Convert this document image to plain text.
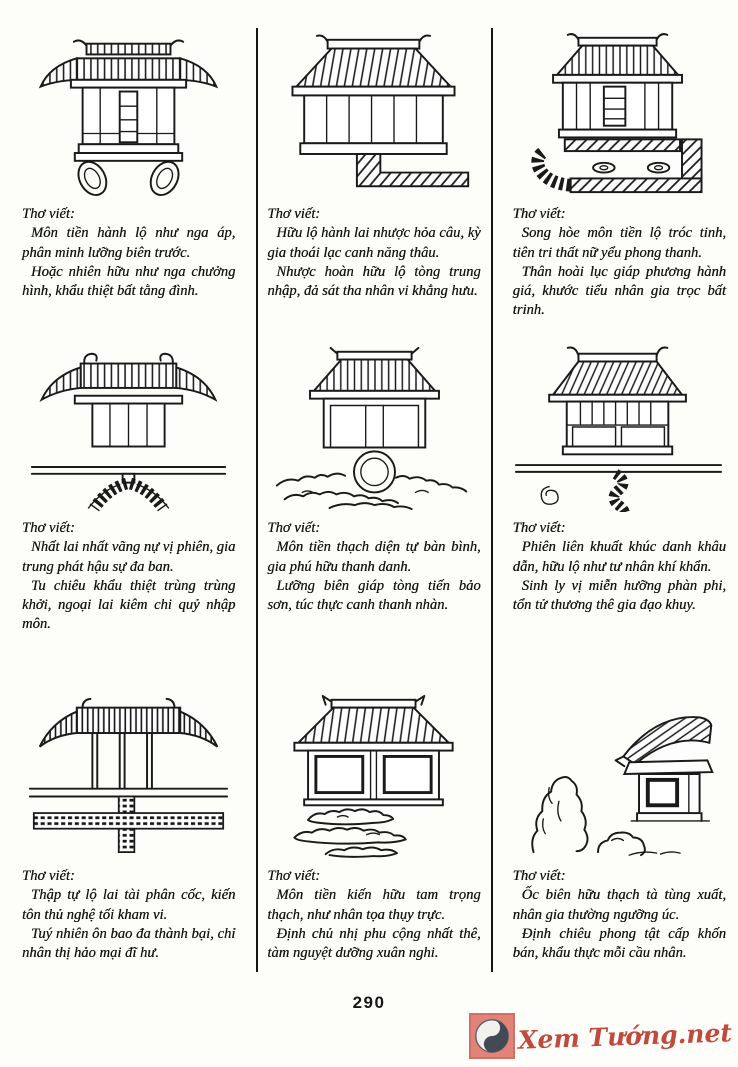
Thơ viết:

Môn tiền hành lộ như nga áp, phân minh lưỡng biên trước.

Hoặc nhiên hữu như nga chưởng hình, khẩu thiệt bất tằng đình.

Thơ viết:

Hữu lộ hành lai nhược hỏa câu, kỳ gia thoái lạc canh năng thâu.

Nhược hoàn hữu lộ tòng trung nhập, đả sát tha nhân vi khẳng hưu.

Thơ viết:

Song hòe môn tiền lộ tróc tinh, tiên tri thất nữ yểu phong thanh.

Thân hoài lục giáp phương hành giá, khước tiểu nhân gia trọc bất trinh.

Thơ viết:

Nhất lai nhất vãng nự vị phiên, gia trung phát hậu sự đa ban.

Tu chiêu khẩu thiệt trùng trùng khởi, ngoại lai kiêm chi quỷ nhập môn.

Thơ viết:

Môn tiền thạch diện tự bàn bình, gia phú hữu thanh danh.

Lưỡng biên giáp tòng tiến bảo sơn, túc thực canh thanh nhàn.

Thơ viết:

Phiên liên khuất khúc danh khâu dẫn, hữu lộ như tư nhân khí khẩn.

Sinh ly vị miễn hưỡng phàn phi, tổn tử thương thê gia đạo khuy.

Thơ viết:

Thập tự lộ lai tài phân cốc, kiến tôn thủ nghệ tối kham vi.

Tuý nhiên ôn bao đa thành bại, chỉ nhân thị hảo mại đĩ hư.

Thơ viết:

Môn tiền kiến hữu tam trọng thạch, như nhân tọa thụy trực.

Định chủ nhị phu cộng nhất thê, tàm nguyệt dưỡng xuân nghi.

Thơ viết:

Ốc biên hữu thạch tà tùng xuất, nhân gia thường ngưỡng úc.

Định chiêu phong tật cấp khốn bán, khẩu thực mỗi cầu nhân.

290
Xem Tướng.net
